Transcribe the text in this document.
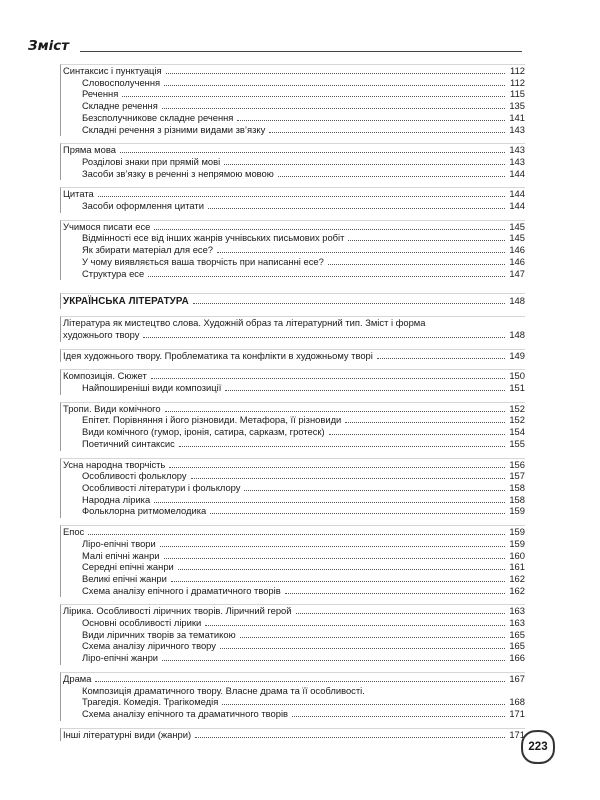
Зміст
Синтаксис і пунктуація	112
Словосполучення	112
Речення	115
Складне речення	135
Безсполучникове складне речення	141
Складні речення з різними видами зв’язку	143
Пряма мова	143
Розділові знаки при прямій мові	143
Засоби зв’язку в реченні з непрямою мовою	144
Цитата	144
Засоби оформлення цитати	144
Учимося писати есе	145
Відмінності есе від інших жанрів учнівських письмових робіт	145
Як збирати матеріал для есе?	146
У чому виявляється ваша творчість при написанні есе?	146
Структура есе	147
УКРАЇНСЬКА ЛІТЕРАТУРА	148
Література як мистецтво слова. Художній образ та літературний тип. Зміст і форма
художнього твору	148
Ідея художнього твору. Проблематика та конфлікти в художньому творі	149
Композиція. Сюжет	150
Найпоширеніші види композиції	151
Тропи. Види комічного	152
Епітет. Порівняння і його різновиди. Метафора, її різновиди	152
Види комічного (гумор, іронія, сатира, сарказм, гротеск)	154
Поетичний синтаксис	155
Усна народна творчість	156
Особливості фольклору	157
Особливості літератури і фольклору	158
Народна лірика	158
Фольклорна ритмомелодика	159
Епос	159
Ліро-епічні твори	159
Малі епічні жанри	160
Середні епічні жанри	161
Великі епічні жанри	162
Схема аналізу епічного і драматичного творів	162
Лірика. Особливості ліричних творів. Ліричний герой	163
Основні особливості лірики	163
Види ліричних творів за тематикою	165
Схема аналізу ліричного твору	165
Ліро-епічні жанри	166
Драма	167
Композиція драматичного твору. Власне драма та її особливості.
Трагедія. Комедія. Трагікомедія	168
Схема аналізу епічного та драматичного творів	171
Інші літературні види (жанри)	171
223
